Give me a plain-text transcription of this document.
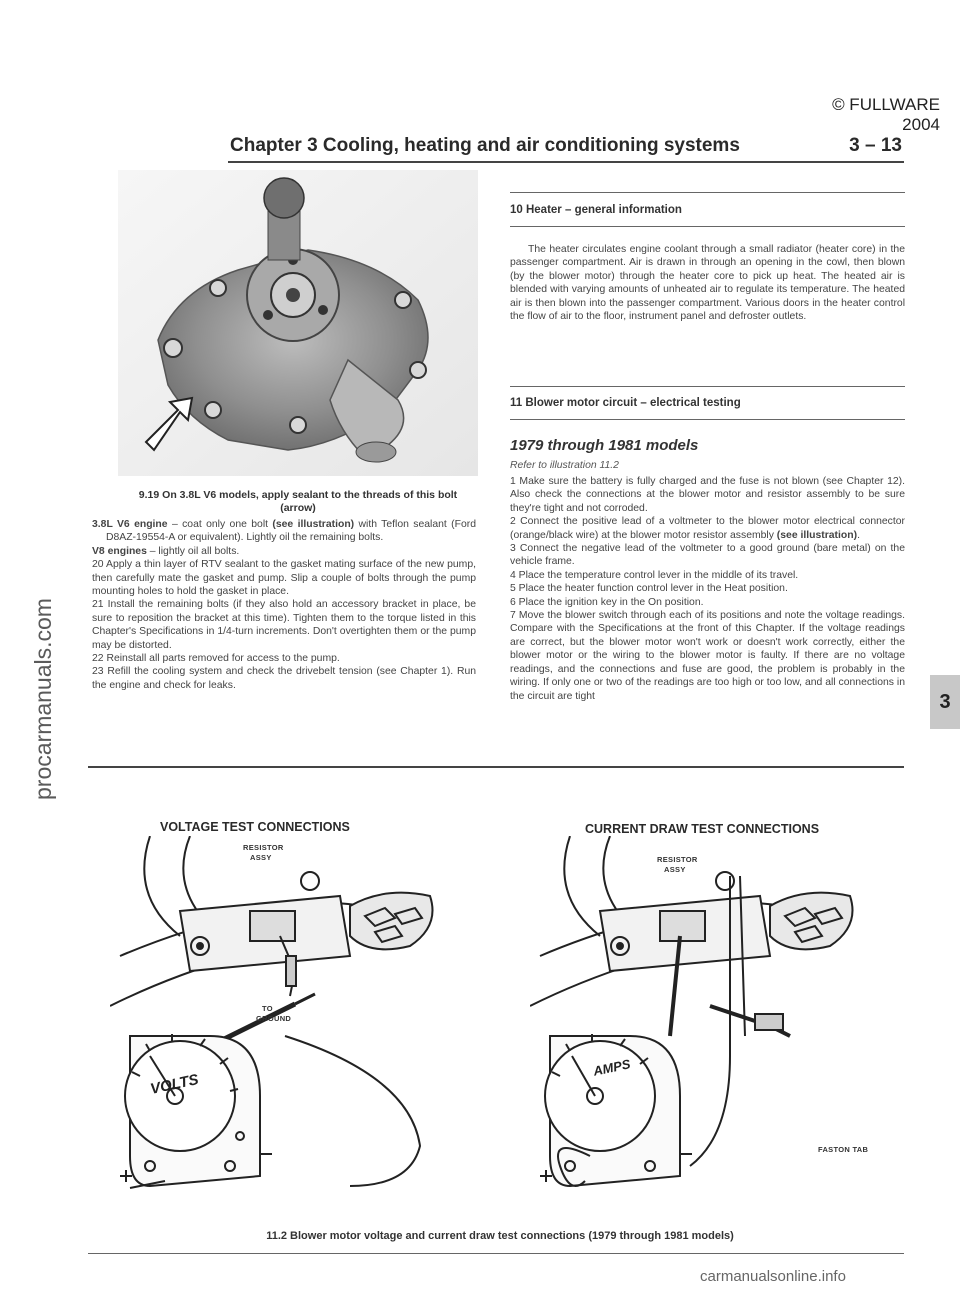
© FULLWARE 2004
Chapter 3 Cooling, heating and air conditioning systems	3 – 13
9.19 On 3.8L V6 models, apply sealant to the threads of this bolt (arrow)

3.8L V6 engine – coat only one bolt (see illustration) with Teflon sealant (Ford D8AZ-19554-A or equivalent). Lightly oil the remaining bolts.

V8 engines – lightly oil all bolts.

20 Apply a thin layer of RTV sealant to the gasket mating surface of the new pump, then carefully mate the gasket and pump. Slip a couple of bolts through the pump mounting holes to hold the gasket in place.

21 Install the remaining bolts (if they also hold an accessory bracket in place, be sure to reposition the bracket at this time). Tighten them to the torque listed in this Chapter's Specifications in 1/4-turn increments. Don't overtighten them or the pump may be distorted.

22 Reinstall all parts removed for access to the pump.

23 Refill the cooling system and check the drivebelt tension (see Chapter 1). Run the engine and check for leaks.

10 Heater – general information

The heater circulates engine coolant through a small radiator (heater core) in the passenger compartment. Air is drawn in through an opening in the cowl, then blown (by the blower motor) through the heater core to pick up heat. The heated air is blended with varying amounts of unheated air to regulate its temperature. The heated air is then blown into the passenger compartment. Various doors in the heater control the flow of air to the floor, instrument panel and defroster outlets.

11 Blower motor circuit – electrical testing
1979 through 1981 models
Refer to illustration 11.2

1 Make sure the battery is fully charged and the fuse is not blown (see Chapter 12). Also check the connections at the blower motor and resistor assembly to be sure they're tight and not corroded.

2 Connect the positive lead of a voltmeter to the blower motor electrical connector (orange/black wire) at the blower motor resistor assembly (see illustration).

3 Connect the negative lead of the voltmeter to a good ground (bare metal) on the vehicle frame.

4 Place the temperature control lever in the middle of its travel.

5 Place the heater function control lever in the Heat position.

6 Place the ignition key in the On position.

7 Move the blower switch through each of its positions and note the voltage readings. Compare with the Specifications at the front of this Chapter. If the voltage readings are correct, but the blower motor won't work or doesn't work correctly, either the blower motor or the wiring to the blower motor is faulty. If there are no voltage readings, and the connections and fuse are good, the problem is probably in the wiring. If only one or two of the readings are too high or too low, and all connections in the circuit are tight	3
procarmanuals.com
VOLTAGE TEST CONNECTIONS	CURRENT DRAW TEST CONNECTIONS
RESISTOR
ASSY
TO
GROUND
VOLTS
RESISTOR
ASSY
AMPS
FASTON TAB
11.2 Blower motor voltage and current draw test connections (1979 through 1981 models)
carmanualsonline.info
